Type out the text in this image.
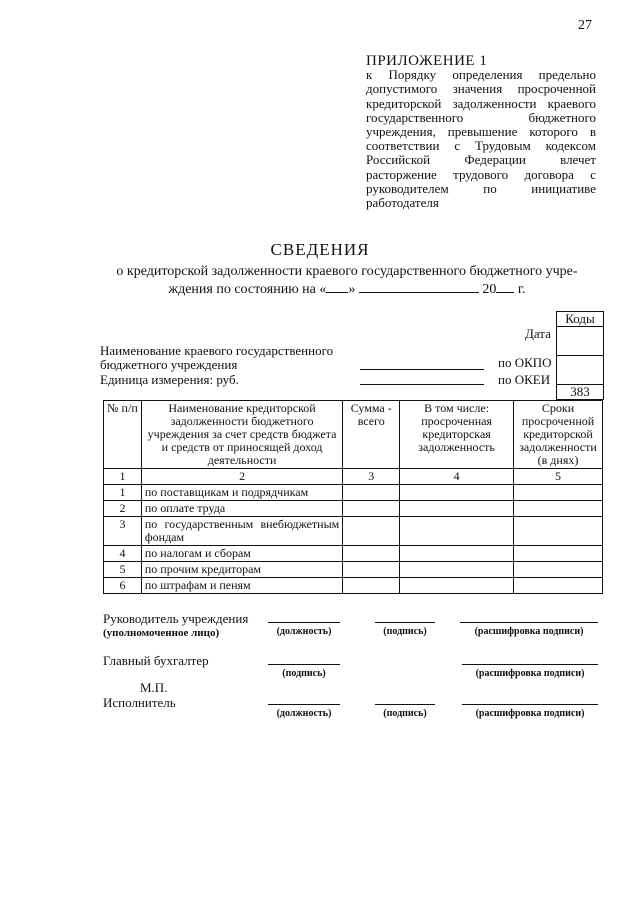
27
ПРИЛОЖЕНИЕ 1
к Порядку определения предельно допустимого значения просроченной кредиторской задолженности краевого государственного бюджетного учреждения, превышение которого в соответствии с Трудовым кодексом Российской Федерации влечет расторжение трудового договора с руководителем по инициативе работодателя
СВЕДЕНИЯ
о кредиторской задолженности краевого государственного бюджетного учре-
ждения по состоянию на « »	20 г.
Коды
383
Дата
по ОКПО
по ОКЕИ
Наименование краевого государственного
бюджетного учреждения
Единица измерения: руб.
№ п/п	Наименование кредиторской задолженности бюджетного учреждения за счет средств бюджета и средств от приносящей доход деятельности	Сумма - всего	В том числе: просроченная кредиторская задолженность	Сроки просроченной кредиторской задолженности (в днях)
1	2	3	4	5
1	по поставщикам и подрядчикам			
2	по оплате труда			
3	по государственным внебюджетным фондам			
4	по налогам и сборам			
5	по прочим кредиторам			
6	по штрафам и пеням			
Руководитель учреждения
(уполномоченное лицо)	(должность)	(подпись)	(расшифровка подписи)
Главный бухгалтер
(подпись)	(расшифровка подписи)
М.П.
Исполнитель
(должность)	(подпись)	(расшифровка подписи)
